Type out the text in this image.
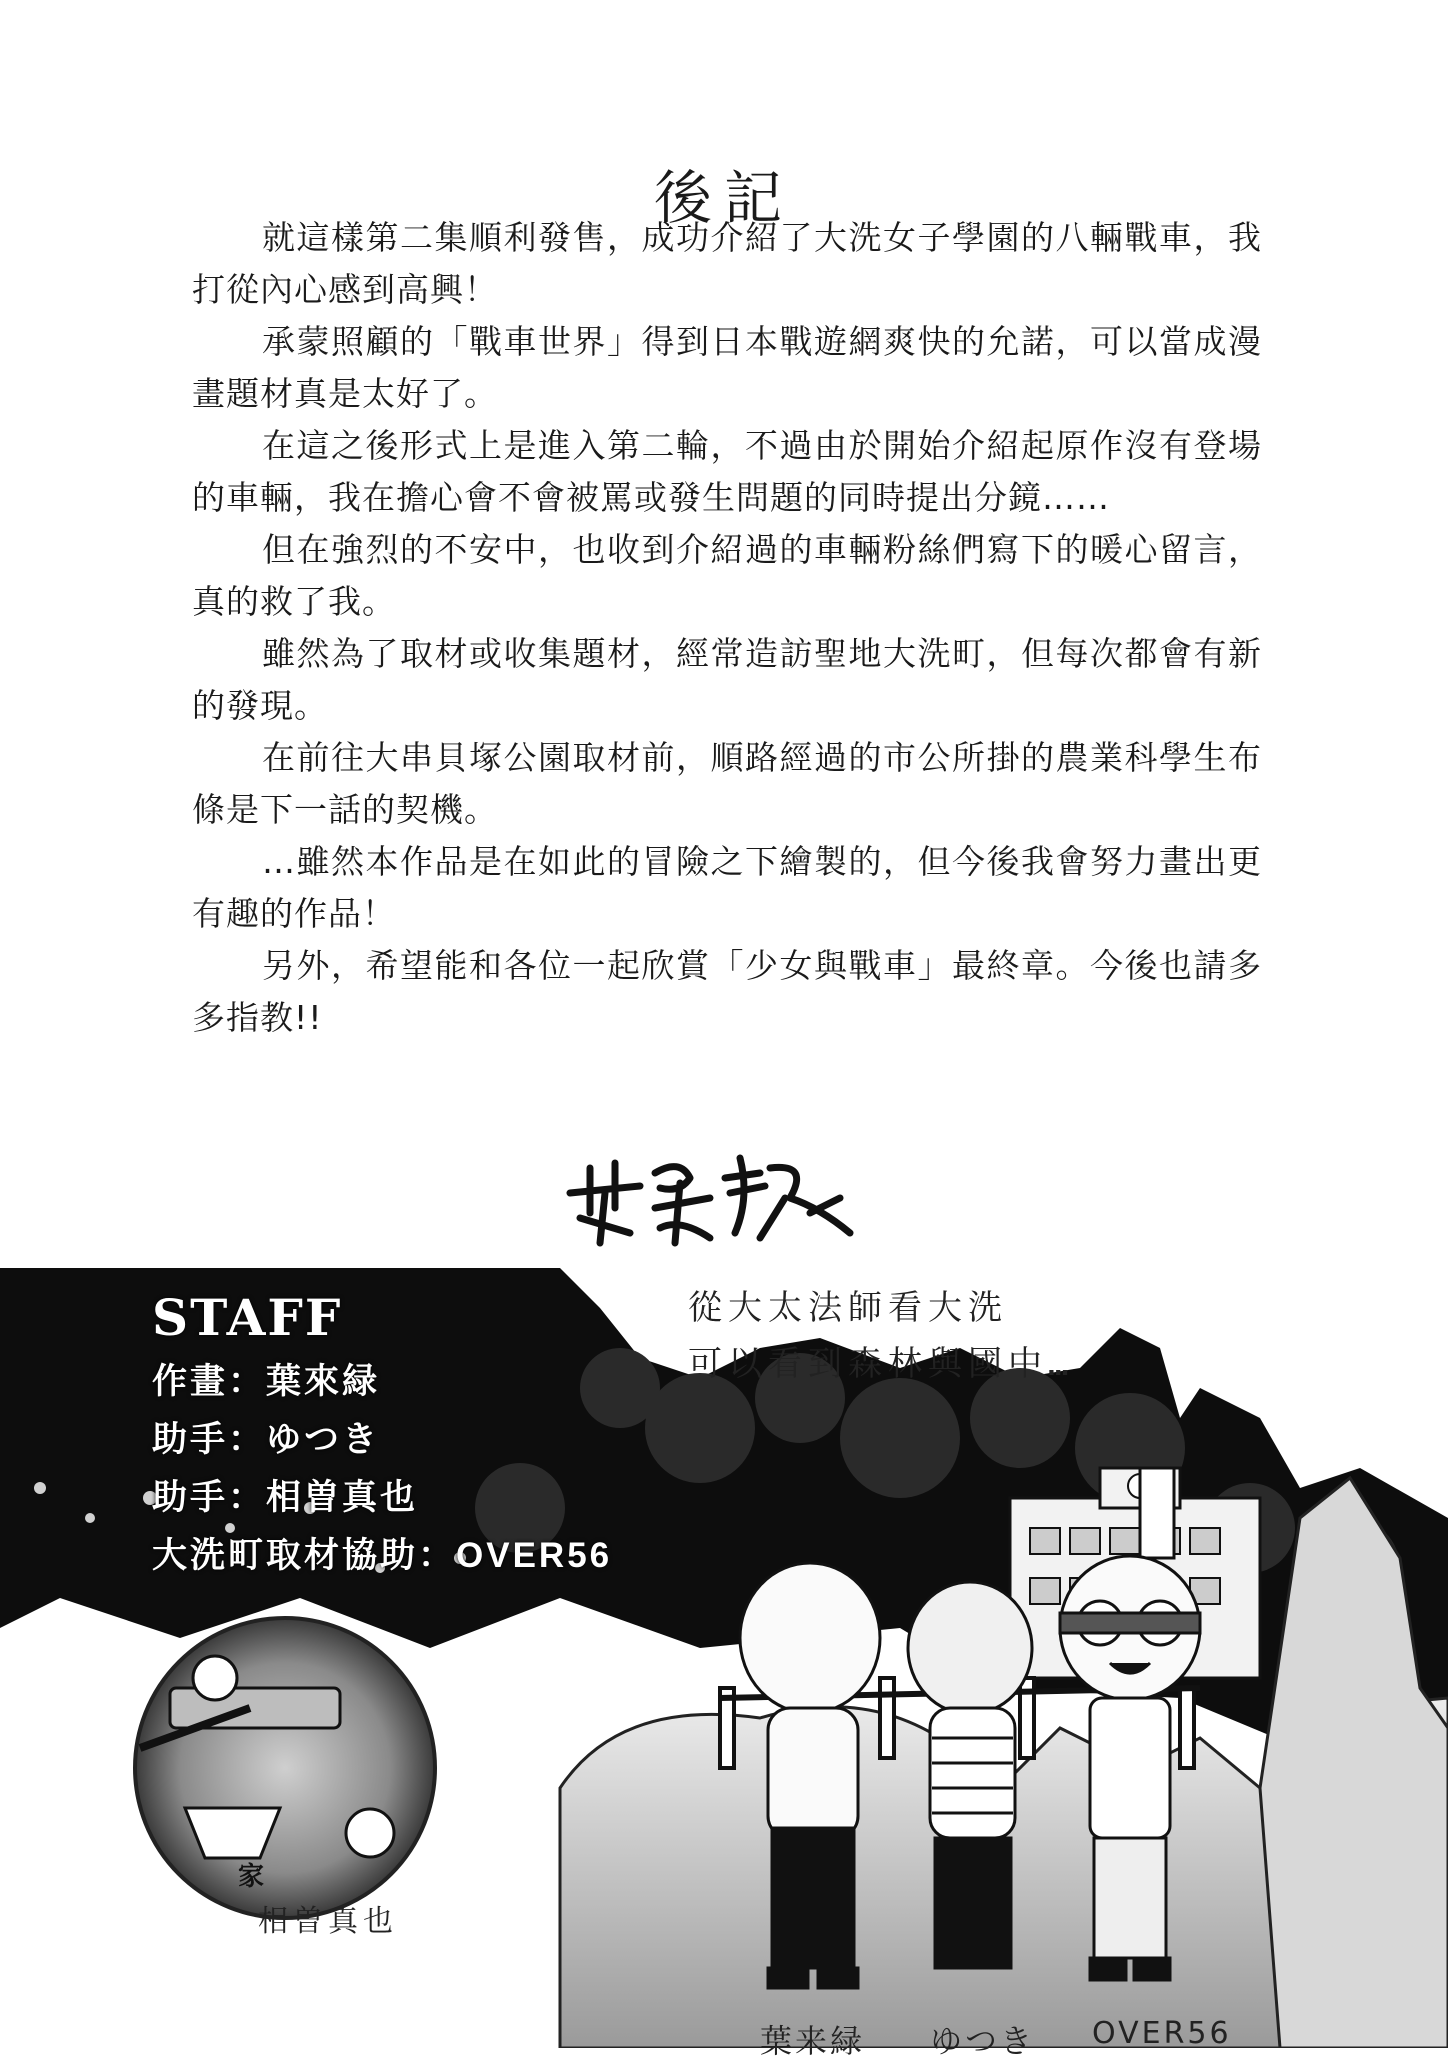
後記

就這樣第二集順利發售，成功介紹了大洗女子學園的八輛戰車，我打從內心感到高興！

承蒙照顧的「戰車世界」得到日本戰遊網爽快的允諾，可以當成漫畫題材真是太好了。

在這之後形式上是進入第二輪，不過由於開始介紹起原作沒有登場的車輛，我在擔心會不會被罵或發生問題的同時提出分鏡……

但在強烈的不安中，也收到介紹過的車輛粉絲們寫下的暖心留言，真的救了我。

雖然為了取材或收集題材，經常造訪聖地大洗町，但每次都會有新的發現。

在前往大串貝塚公園取材前，順路經過的市公所掛的農業科學生布條是下一話的契機。

…雖然本作品是在如此的冒險之下繪製的，但今後我會努力畫出更有趣的作品！

另外，希望能和各位一起欣賞「少女與戰車」最終章。今後也請多多指教!!

STAFF
作畫：葉來緑
助手：ゆつき
助手：相曽真也
大洗町取材協助：OVER56
從大太法師看大洗
可以看到森林與國中…
葉来緑 ゆつき OVER56
家
相曽真也
